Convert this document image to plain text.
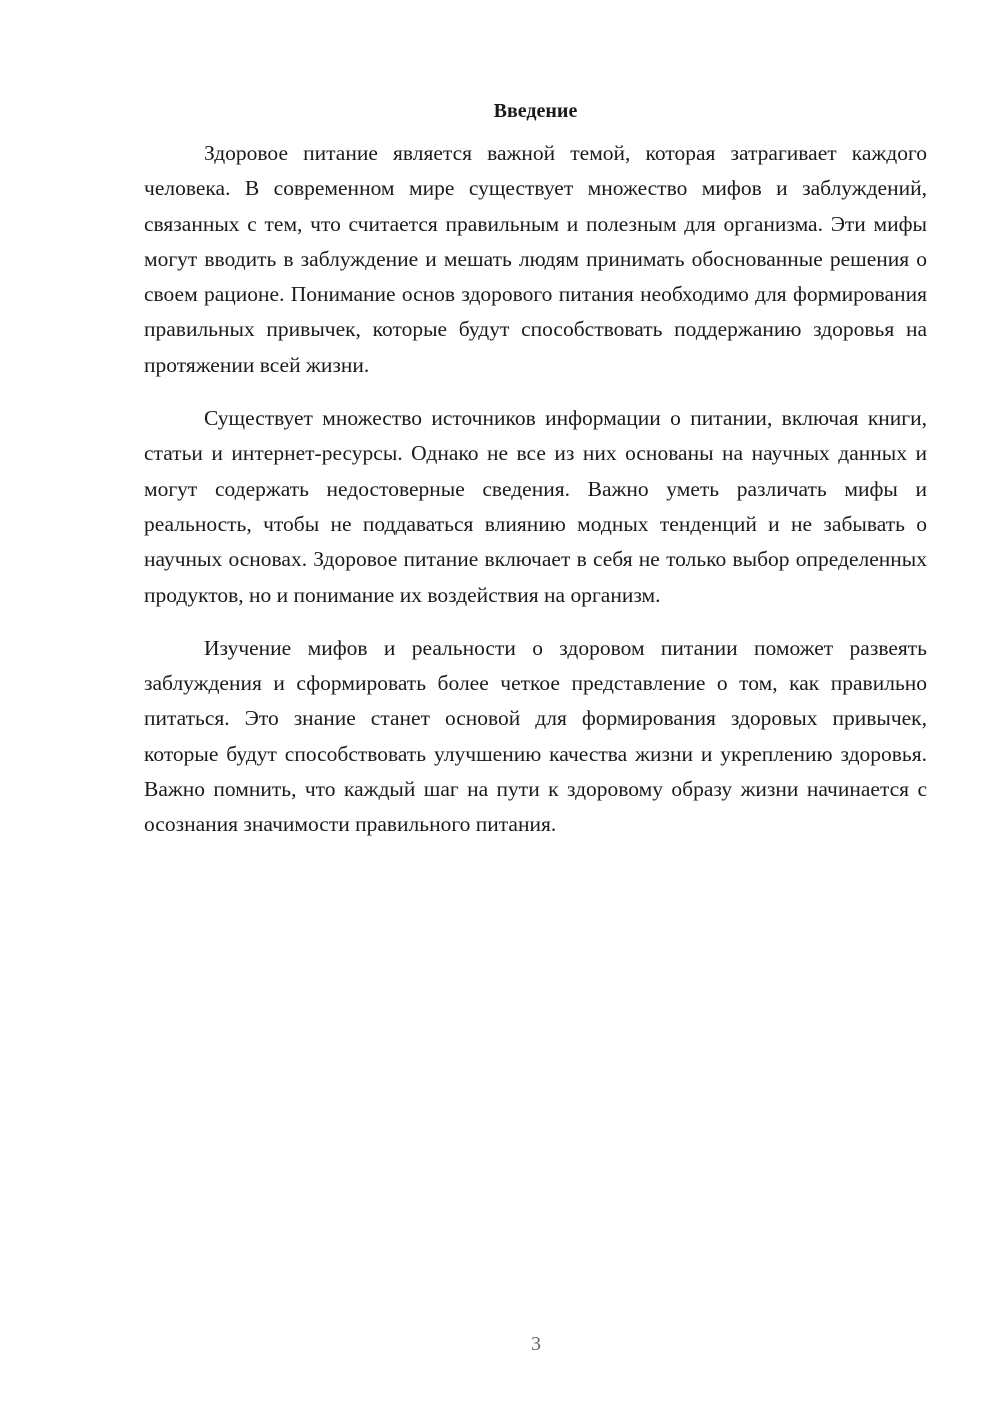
Введение

Здоровое питание является важной темой, которая затрагивает каждого человека. В современном мире существует множество мифов и заблуждений, связанных с тем, что считается правильным и полезным для организма. Эти мифы могут вводить в заблуждение и мешать людям принимать обоснованные решения о своем рационе. Понимание основ здорового питания необходимо для формирования правильных привычек, которые будут способствовать поддержанию здоровья на протяжении всей жизни.

Существует множество источников информации о питании, включая книги, статьи и интернет-ресурсы. Однако не все из них основаны на научных данных и могут содержать недостоверные сведения. Важно уметь различать мифы и реальность, чтобы не поддаваться влиянию модных тенденций и не забывать о научных основах. Здоровое питание включает в себя не только выбор определенных продуктов, но и понимание их воздействия на организм.

Изучение мифов и реальности о здоровом питании поможет развеять заблуждения и сформировать более четкое представление о том, как правильно питаться. Это знание станет основой для формирования здоровых привычек, которые будут способствовать улучшению качества жизни и укреплению здоровья. Важно помнить, что каждый шаг на пути к здоровому образу жизни начинается с осознания значимости правильного питания.

3
